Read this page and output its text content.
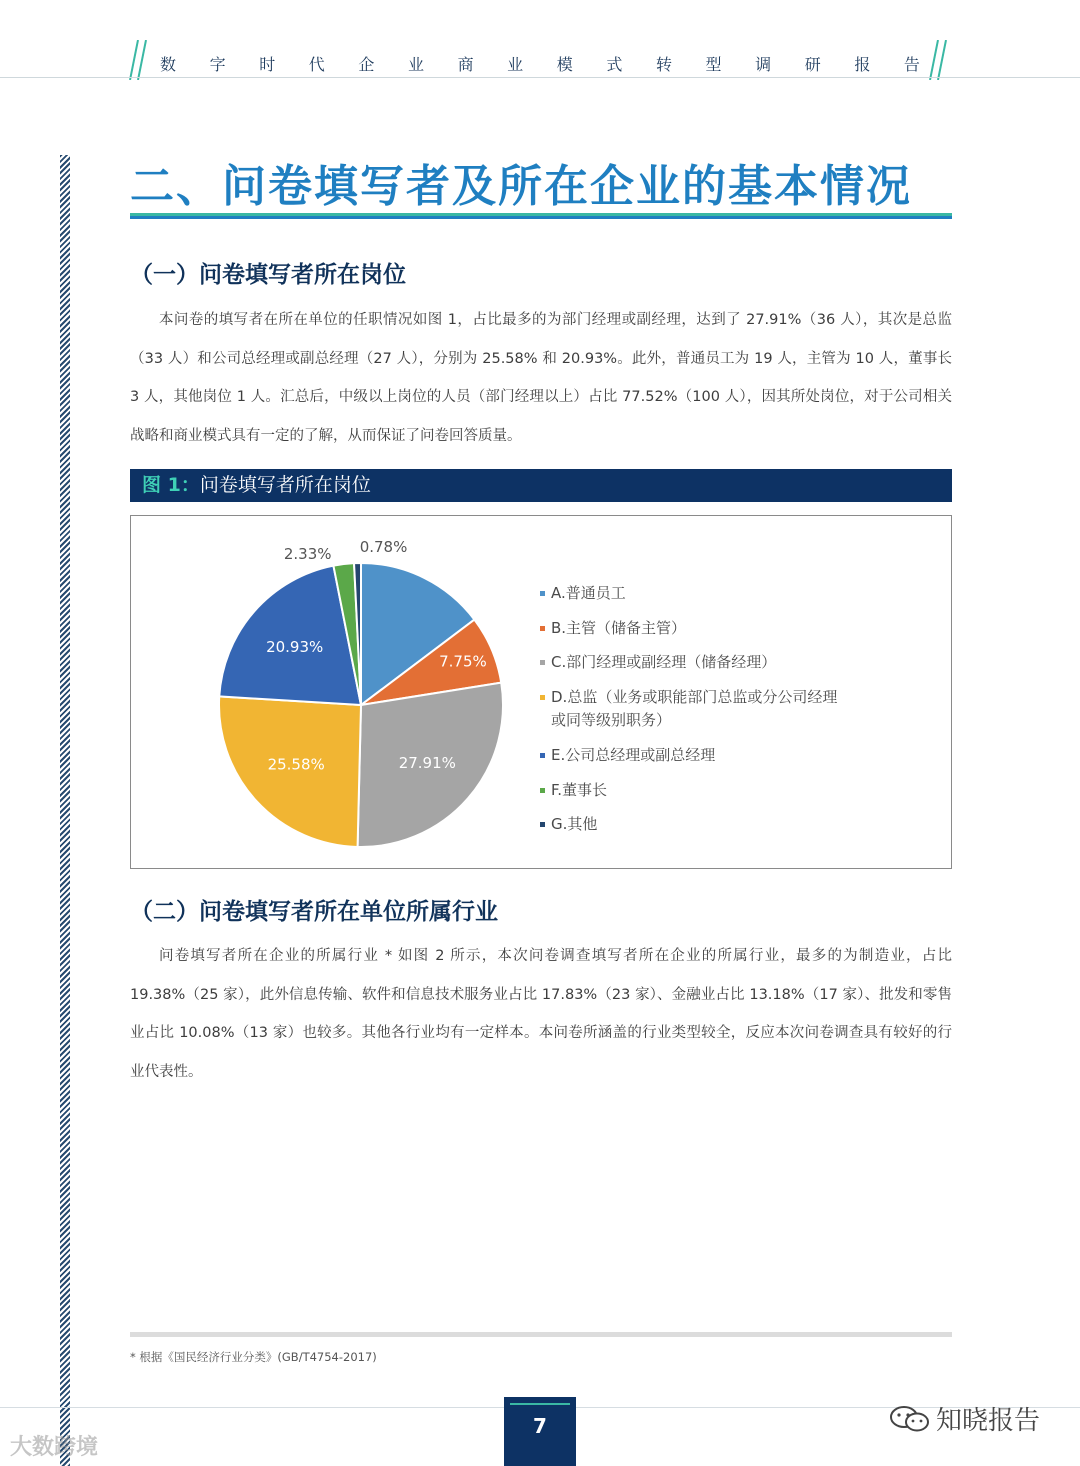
数 字 时 代 企 业 商 业 模 式 转 型 调 研 报 告
二、问卷填写者及所在企业的基本情况
（一）问卷填写者所在岗位
本问卷的填写者在所在单位的任职情况如图 1，占比最多的为部门经理或副经理，达到了 27.91%（36 人），其次是总监（33 人）和公司总经理或副总经理（27 人），分别为 25.58% 和 20.93%。此外，普通员工为 19 人，主管为 10 人，董事长 3 人，其他岗位 1 人。汇总后，中级以上岗位的人员（部门经理以上）占比 77.52%（100 人），因其所处岗位，对于公司相关战略和商业模式具有一定的了解，从而保证了问卷回答质量。
图 1：问卷填写者所在岗位
7.75%
27.91%
25.58%
20.93%
2.33% 0.78%
A.普通员工
B.主管（储备主管）
C.部门经理或副经理（储备经理）
D.总监（业务或职能部门总监或分公司经理
或同等级别职务）
E.公司总经理或副总经理
F.董事长
G.其他
（二）问卷填写者所在单位所属行业
问卷填写者所在企业的所属行业 * 如图 2 所示，本次问卷调查填写者所在企业的所属行业，最多的为制造业，占比 19.38%（25 家），此外信息传输、软件和信息技术服务业占比 17.83%（23 家）、金融业占比 13.18%（17 家）、批发和零售业占比 10.08%（13 家）也较多。其他各行业均有一定样本。本问卷所涵盖的行业类型较全，反应本次问卷调查具有较好的行业代表性。
* 根据《国民经济行业分类》(GB/T4754-2017)
7
大数跨境
知晓报告
